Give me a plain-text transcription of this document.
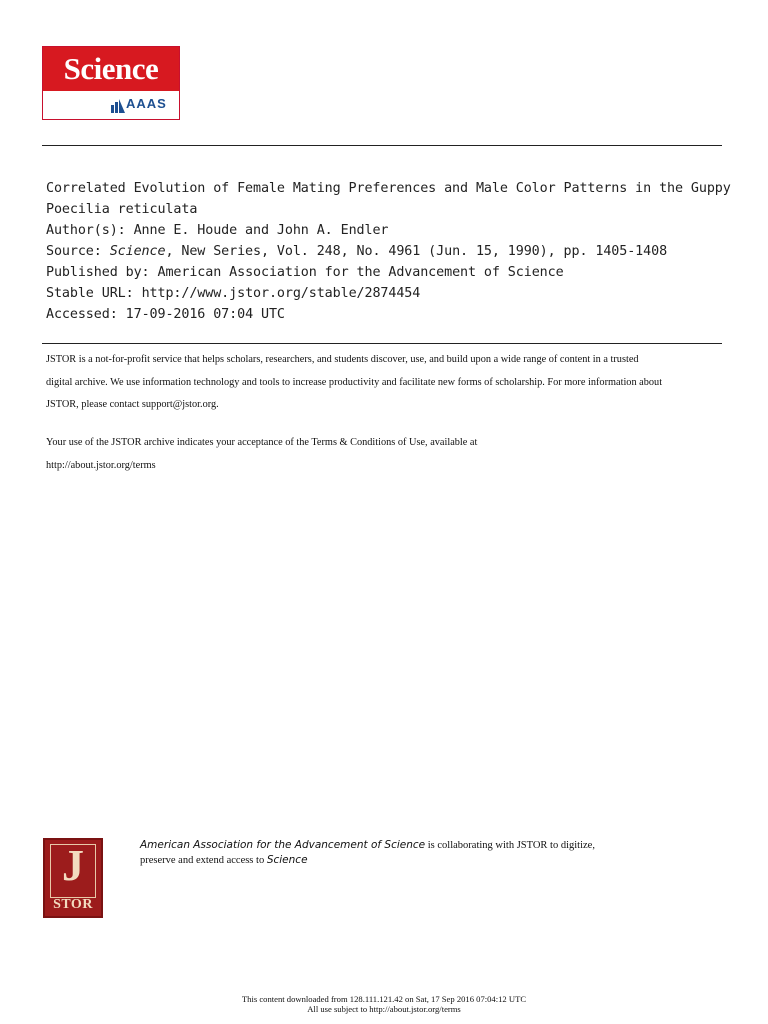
Science
AAAS
Correlated Evolution of Female Mating Preferences and Male Color Patterns in the Guppy
Poecilia reticulata
Author(s): Anne E. Houde and John A. Endler
Source: Science, New Series, Vol. 248, No. 4961 (Jun. 15, 1990), pp. 1405-1408
Published by: American Association for the Advancement of Science
Stable URL: http://www.jstor.org/stable/2874454
Accessed: 17-09-2016 07:04 UTC
JSTOR is a not-for-profit service that helps scholars, researchers, and students discover, use, and build upon a wide range of content in a trusted
digital archive. We use information technology and tools to increase productivity and facilitate new forms of scholarship. For more information about
JSTOR, please contact support@jstor.org.
Your use of the JSTOR archive indicates your acceptance of the Terms & Conditions of Use, available at
http://about.jstor.org/terms
J
STOR
American Association for the Advancement of Science is collaborating with JSTOR to digitize,
preserve and extend access to Science
This content downloaded from 128.111.121.42 on Sat, 17 Sep 2016 07:04:12 UTC
All use subject to http://about.jstor.org/terms
